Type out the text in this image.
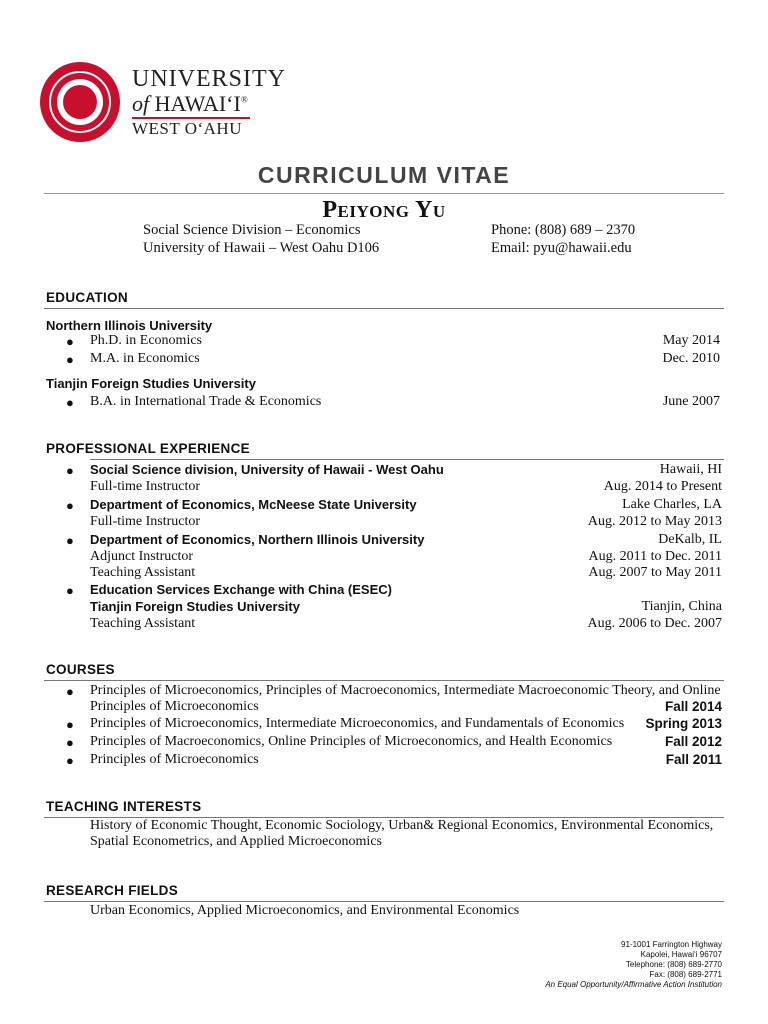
UNIVERSITY
of HAWAI‘I®
WEST O‘AHU
CURRICULUM VITAE
Peiyong Yu
Social Science Division – Economics
University of Hawaii – West Oahu D106
Phone: (808) 689 – 2370
Email: pyu@hawaii.edu
EDUCATION
Northern Illinois University
● Ph.D. in Economics	May 2014
● M.A. in Economics	Dec. 2010
Tianjin Foreign Studies University
● B.A. in International Trade & Economics	June 2007
PROFESSIONAL EXPERIENCE
● Social Science division, University of Hawaii - West Oahu	Hawaii, HI
Full-time Instructor	Aug. 2014 to Present
● Department of Economics, McNeese State University	Lake Charles, LA
Full-time Instructor	Aug. 2012 to May 2013
● Department of Economics, Northern Illinois University	DeKalb, IL
Adjunct Instructor	Aug. 2011 to Dec. 2011
Teaching Assistant	Aug. 2007 to May 2011
● Education Services Exchange with China (ESEC)
Tianjin Foreign Studies University	Tianjin, China
Teaching Assistant	Aug. 2006 to Dec. 2007
COURSES
● Principles of Microeconomics, Principles of Macroeconomics, Intermediate Macroeconomic Theory, and Online
Principles of Microeconomics	Fall 2014
● Principles of Microeconomics, Intermediate Microeconomics, and Fundamentals of Economics Spring 2013
● Principles of Macroeconomics, Online Principles of Microeconomics, and Health Economics	Fall 2012
● Principles of Microeconomics	Fall 2011
TEACHING INTERESTS
History of Economic Thought, Economic Sociology, Urban& Regional Economics, Environmental Economics,
Spatial Econometrics, and Applied Microeconomics
RESEARCH FIELDS
Urban Economics, Applied Microeconomics, and Environmental Economics
91-1001 Farrington Highway
Kapolei, Hawai‘i 96707
Telephone: (808) 689-2770
Fax: (808) 689-2771
An Equal Opportunity/Affirmative Action Institution
